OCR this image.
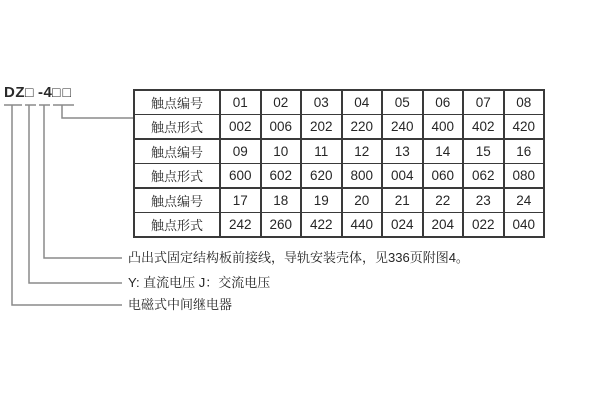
DZ □ -4 □□
触点编号	01	02	03	04	05	06	07	08
触点形式	002	006	202	220	240	400	402	420
触点编号	09	10	11	12	13	14	15	16
触点形式	600	602	620	800	004	060	062	080
触点编号	17	18	19	20	21	22	23	24
触点形式	242	260	422	440	024	204	022	040
凸出式固定结构板前接线，导轨安装壳体，见336页附图4。
Y: 直流电压 J：交流电压
电磁式中间继电器
